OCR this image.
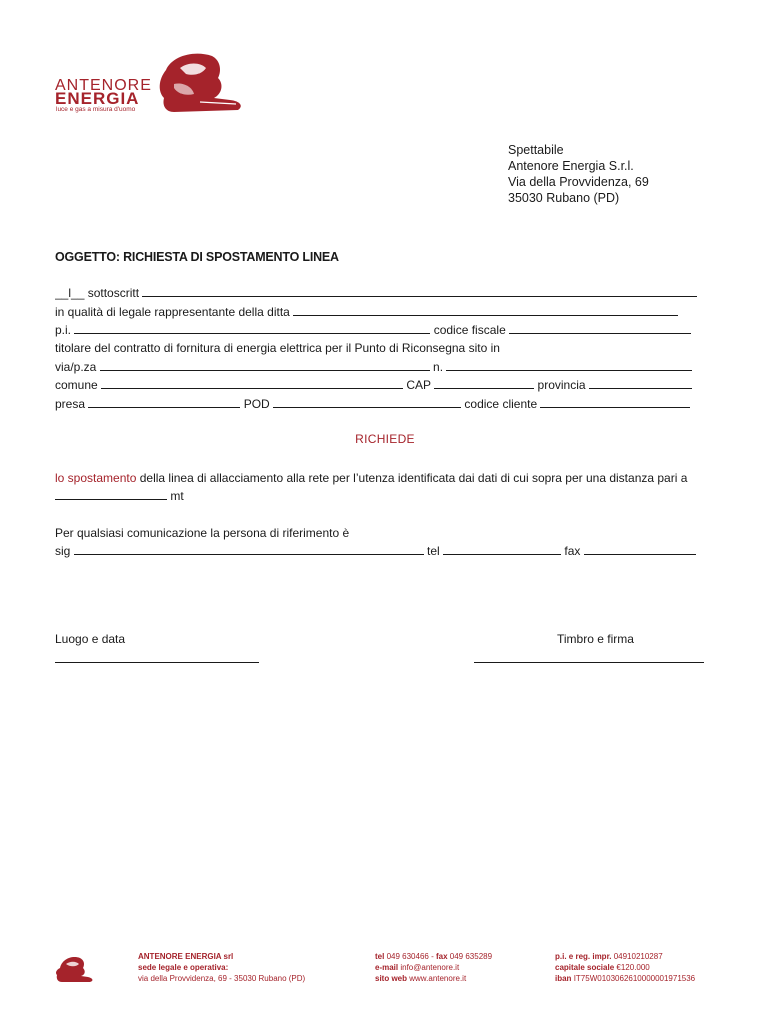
ANTENORE
ENERGIA
luce e gas a misura d'uomo
Spettabile
Antenore Energia S.r.l.
Via della Provvidenza, 69
35030 Rubano (PD)
OGGETTO: RICHIESTA DI SPOSTAMENTO LINEA
__l__ sottoscritt
in qualità di legale rappresentante della ditta
p.i.	codice fiscale
titolare del contratto di fornitura di energia elettrica per il Punto di Riconsegna sito in
via/p.za	n.
comune	CAP	provincia
presa	POD	codice cliente
RICHIEDE
lo spostamento della linea di allacciamento alla rete per l’utenza identificata dai dati di cui sopra per una distanza pari a
mt
Per qualsiasi comunicazione la persona di riferimento è
sig	tel	fax
Luogo e data	Timbro e firma
ANTENORE ENERGIA srl
sede legale e operativa:
via della Provvidenza, 69 - 35030 Rubano (PD)
tel 049 630466 - fax 049 635289
e-mail info@antenore.it
sito web www.antenore.it
p.i. e reg. impr. 04910210287
capitale sociale €120.000
iban IT75W0103062610000001971536
